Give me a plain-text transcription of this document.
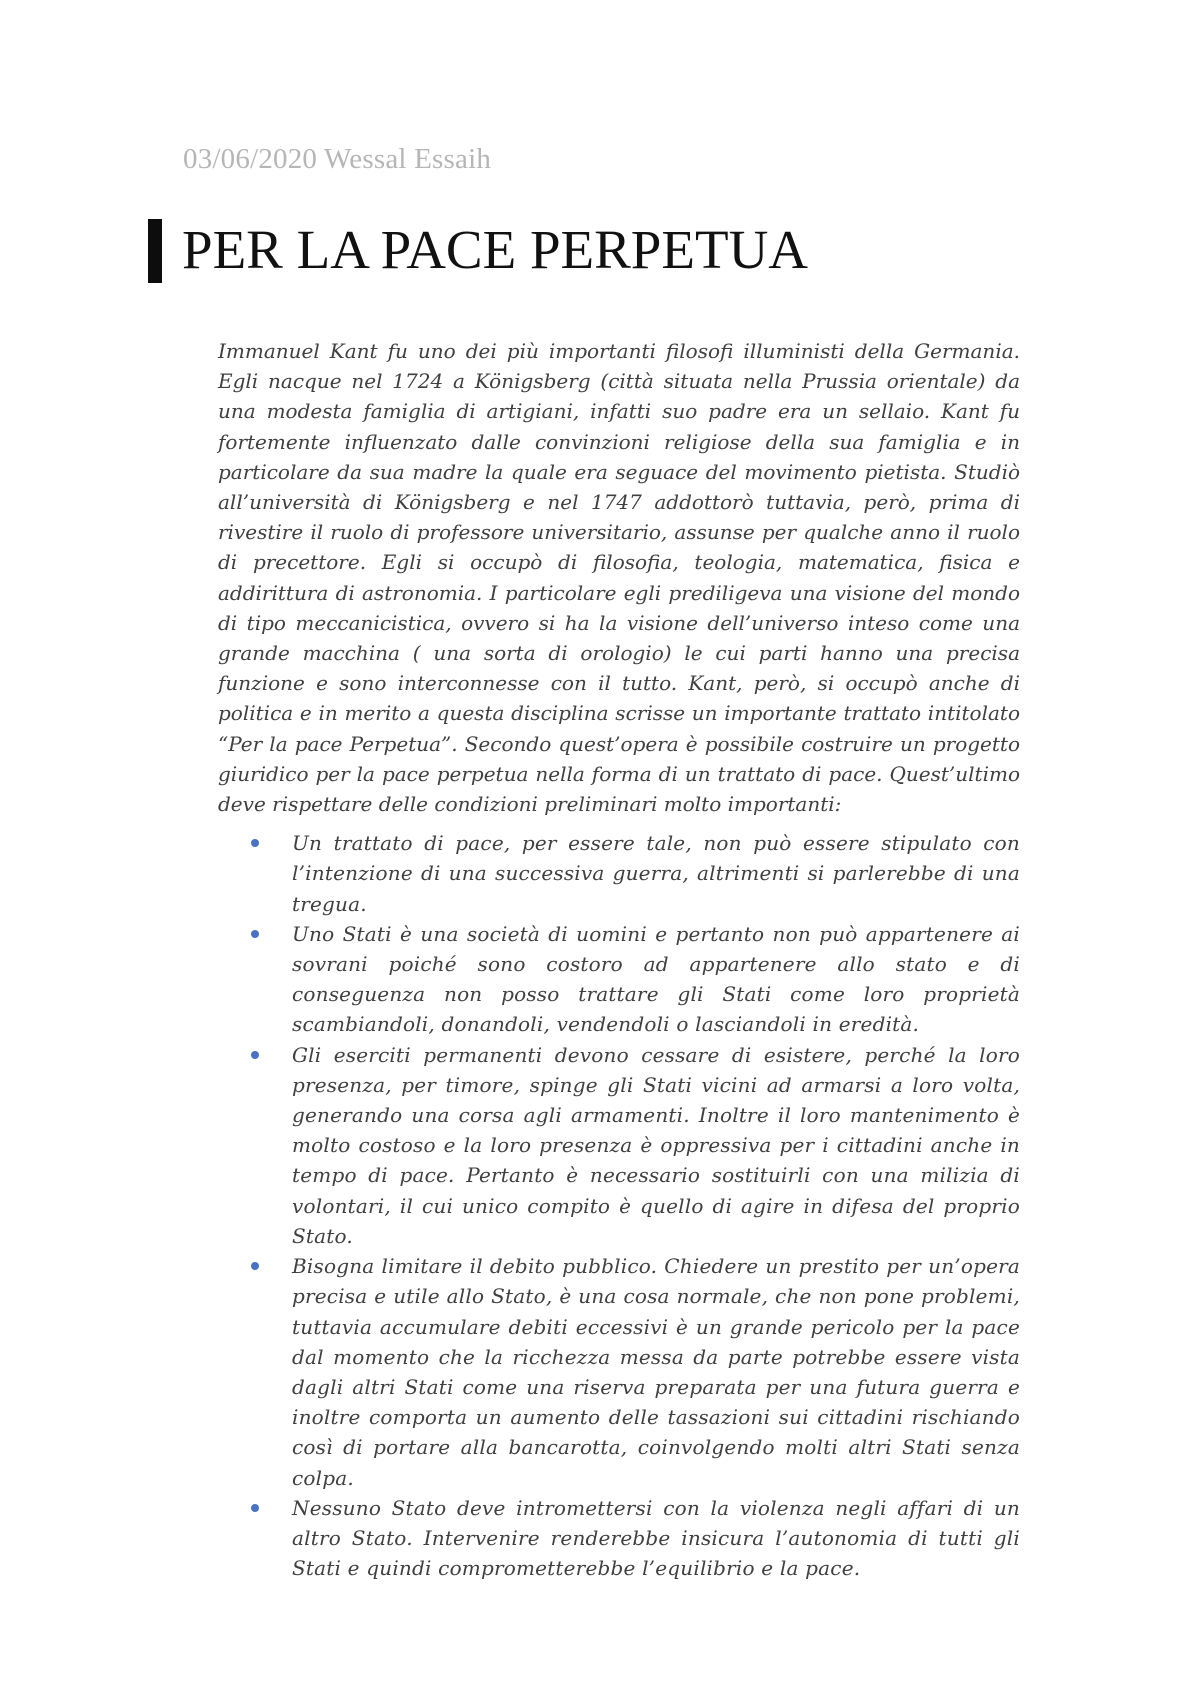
03/06/2020 Wessal Essaih
PER LA PACE PERPETUA

Immanuel Kant fu uno dei più importanti filosofi illuministi della Germania. Egli nacque nel 1724 a Königsberg (città situata nella Prussia orientale) da una modesta famiglia di artigiani, infatti suo padre era un sellaio. Kant fu fortemente influenzato dalle convinzioni religiose della sua famiglia e in particolare da sua madre la quale era seguace del movimento pietista. Studiò all’università di Königsberg e nel 1747 addottorò tuttavia, però, prima di rivestire il ruolo di professore universitario, assunse per qualche anno il ruolo di precettore. Egli si occupò di filosofia, teologia, matematica, fisica e addirittura di astronomia. I particolare egli prediligeva una visione del mondo di tipo meccanicistica, ovvero si ha la visione dell’universo inteso come una grande macchina ( una sorta di orologio) le cui parti hanno una precisa funzione e sono interconnesse con il tutto. Kant, però, si occupò anche di politica e in merito a questa disciplina scrisse un importante trattato intitolato “Per la pace Perpetua”. Secondo quest’opera è possibile costruire un progetto giuridico per la pace perpetua nella forma di un trattato di pace. Quest’ultimo deve rispettare delle condizioni preliminari molto importanti:

Un trattato di pace, per essere tale, non può essere stipulato con l’intenzione di una successiva guerra, altrimenti si parlerebbe di una tregua.

Uno Stati è una società di uomini e pertanto non può appartenere ai sovrani poiché sono costoro ad appartenere allo stato e di conseguenza non posso trattare gli Stati come loro proprietà scambiandoli, donandoli, vendendoli o lasciandoli in eredità.

Gli eserciti permanenti devono cessare di esistere, perché la loro presenza, per timore, spinge gli Stati vicini ad armarsi a loro volta, generando una corsa agli armamenti. Inoltre il loro mantenimento è molto costoso e la loro presenza è oppressiva per i cittadini anche in tempo di pace. Pertanto è necessario sostituirli con una milizia di volontari, il cui unico compito è quello di agire in difesa del proprio Stato.

Bisogna limitare il debito pubblico. Chiedere un prestito per un’opera precisa e utile allo Stato, è una cosa normale, che non pone problemi, tuttavia accumulare debiti eccessivi è un grande pericolo per la pace dal momento che la ricchezza messa da parte potrebbe essere vista dagli altri Stati come una riserva preparata per una futura guerra e inoltre comporta un aumento delle tassazioni sui cittadini rischiando così di portare alla bancarotta, coinvolgendo molti altri Stati senza colpa.

Nessuno Stato deve intromettersi con la violenza negli affari di un altro Stato. Intervenire renderebbe insicura l’autonomia di tutti gli Stati e quindi comprometterebbe l’equilibrio e la pace.
